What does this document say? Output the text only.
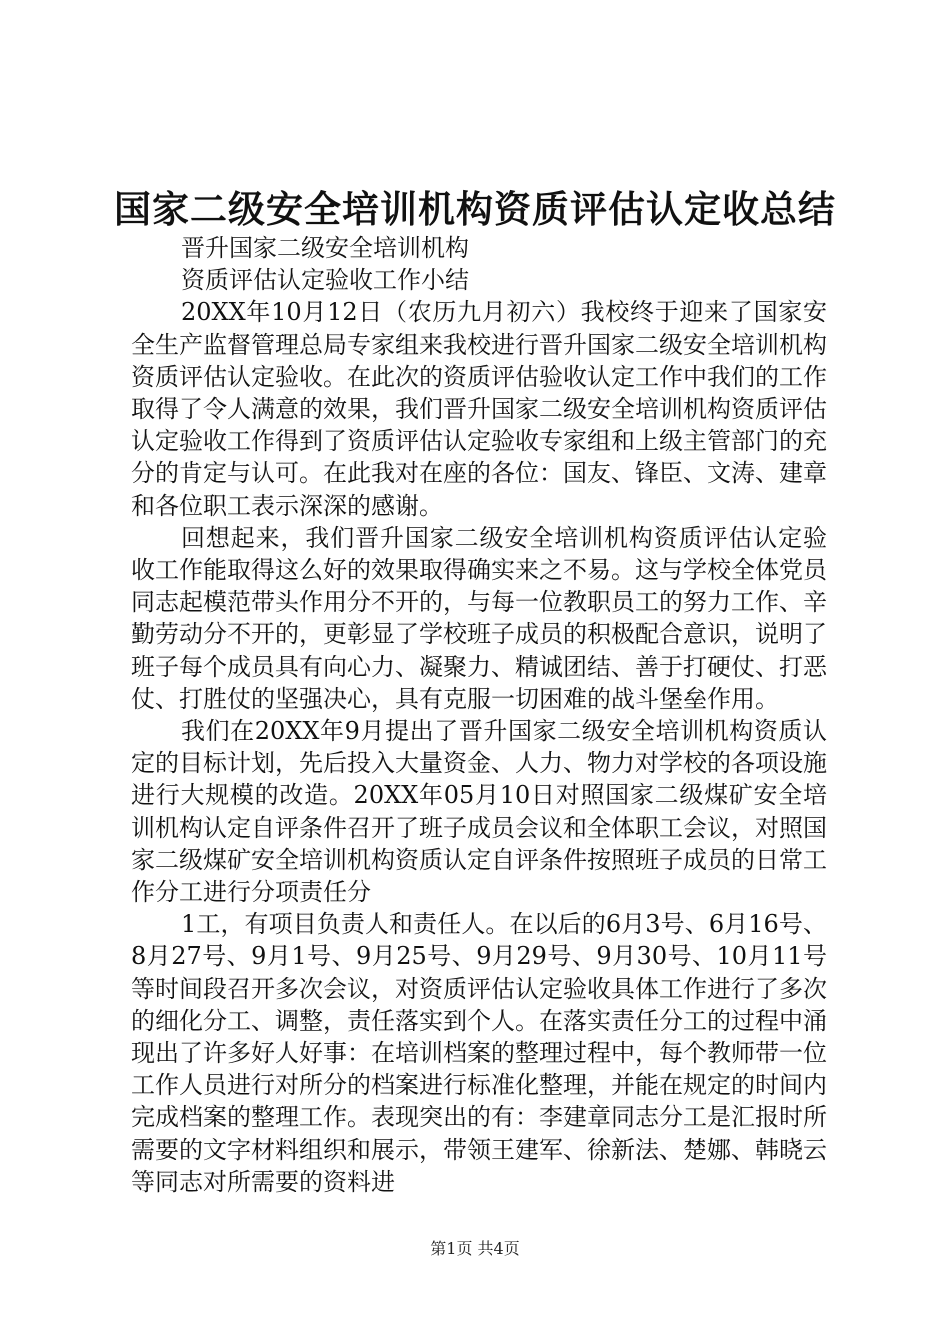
国家二级安全培训机构资质评估认定收总结

晋升国家二级安全培训机构

资质评估认定验收工作小结

20XX年10月12日（农历九月初六）我校终于迎来了国家安全生产监督管理总局专家组来我校进行晋升国家二级安全培训机构资质评估认定验收。在此次的资质评估验收认定工作中我们的工作取得了令人满意的效果，我们晋升国家二级安全培训机构资质评估认定验收工作得到了资质评估认定验收专家组和上级主管部门的充分的肯定与认可。在此我对在座的各位：国友、锋臣、文涛、建章和各位职工表示深深的感谢。

回想起来，我们晋升国家二级安全培训机构资质评估认定验收工作能取得这么好的效果取得确实来之不易。这与学校全体党员同志起模范带头作用分不开的，与每一位教职员工的努力工作、辛勤劳动分不开的，更彰显了学校班子成员的积极配合意识，说明了班子每个成员具有向心力、凝聚力、精诚团结、善于打硬仗、打恶仗、打胜仗的坚强决心，具有克服一切困难的战斗堡垒作用。

我们在20XX年9月提出了晋升国家二级安全培训机构资质认定的目标计划，先后投入大量资金、人力、物力对学校的各项设施进行大规模的改造。20XX年05月10日对照国家二级煤矿安全培训机构认定自评条件召开了班子成员会议和全体职工会议，对照国家二级煤矿安全培训机构资质认定自评条件按照班子成员的日常工作分工进行分项责任分

1工，有项目负责人和责任人。在以后的6月3号、6月16号、8月27号、9月1号、9月25号、9月29号、9月30号、10月11号等时间段召开多次会议，对资质评估认定验收具体工作进行了多次的细化分工、调整，责任落实到个人。在落实责任分工的过程中涌现出了许多好人好事：在培训档案的整理过程中，每个教师带一位工作人员进行对所分的档案进行标准化整理，并能在规定的时间内完成档案的整理工作。表现突出的有：李建章同志分工是汇报时所需要的文字材料组织和展示，带领王建军、徐新法、楚娜、韩晓云等同志对所需要的资料进

第1页 共4页
